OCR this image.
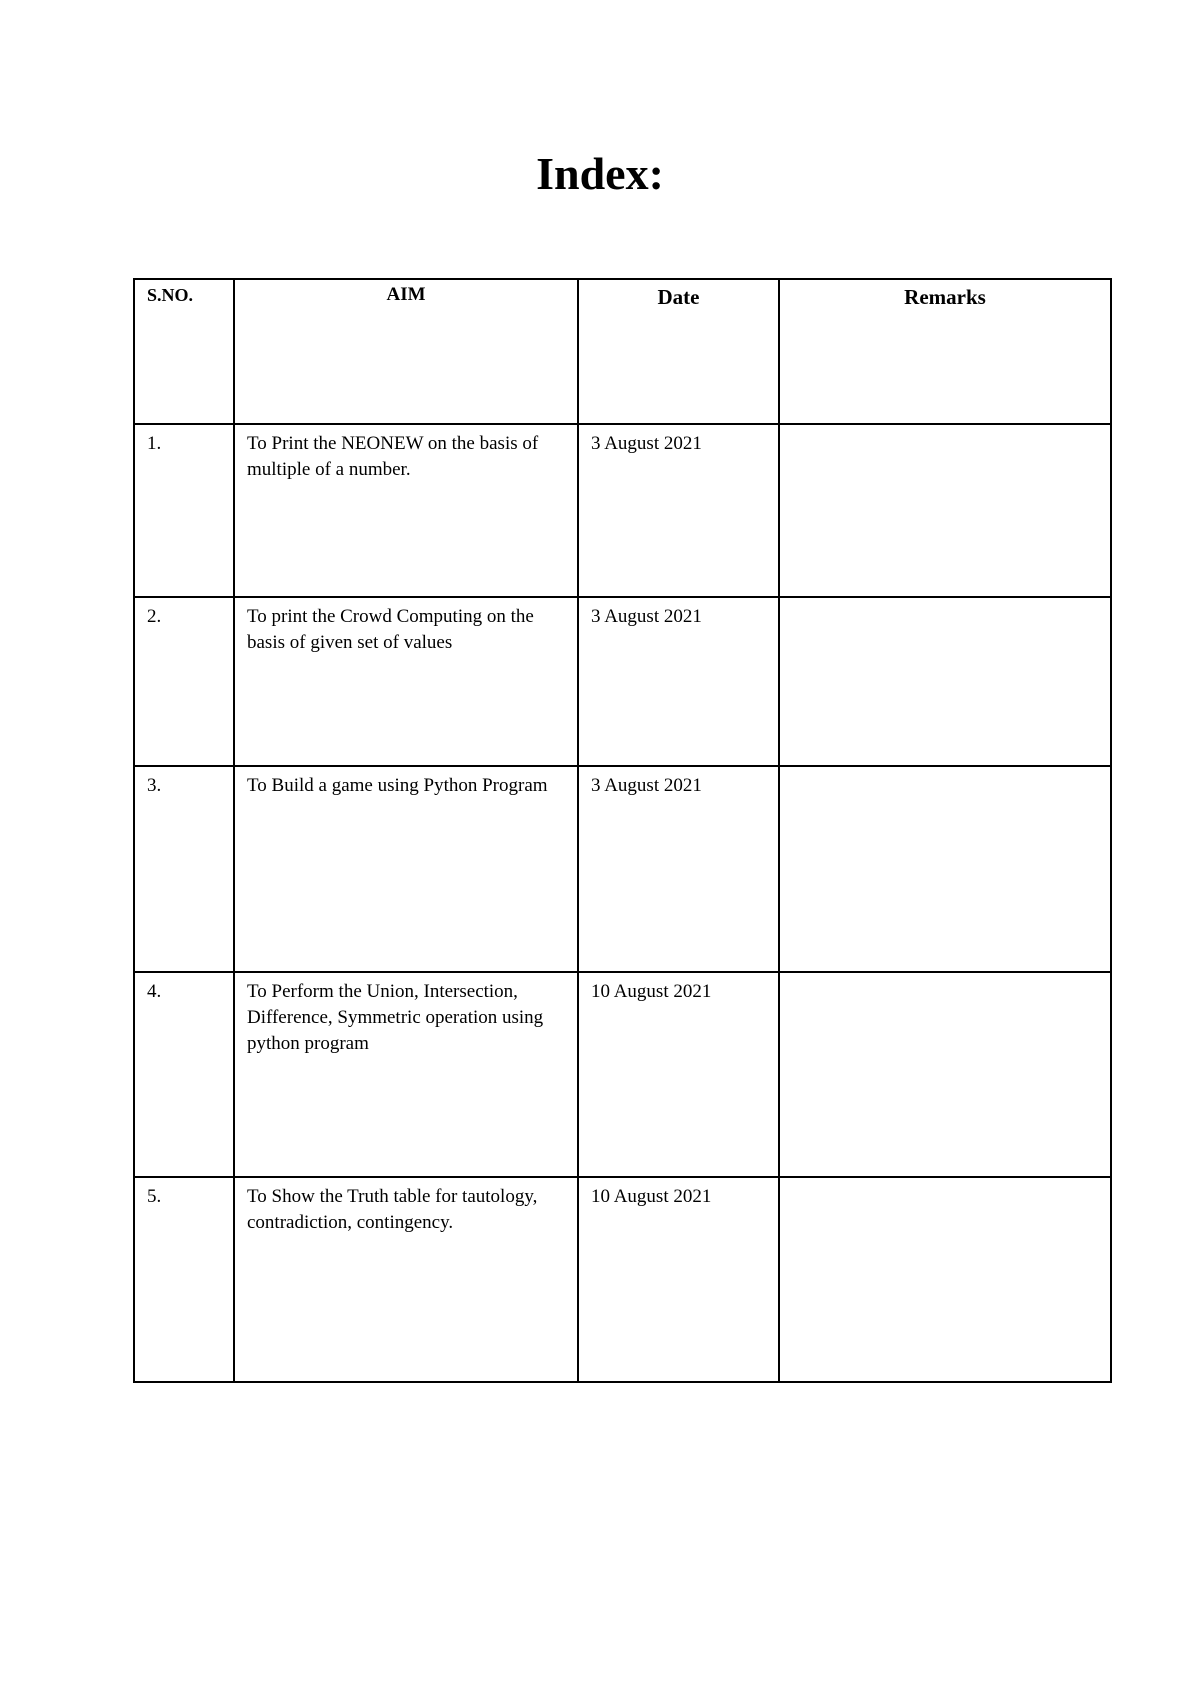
Index:
S.NO.	AIM	Date	Remarks
1.	To Print the NEONEW on the basis of multiple of a number.	3 August 2021	
2.	To print the Crowd Computing on the basis of given set of values	3 August 2021	
3.	To Build a game using Python Program	3 August 2021	
4.	To Perform the Union, Intersection, Difference, Symmetric operation using python program	10 August 2021	
5.	To Show the Truth table for tautology, contradiction, contingency.	10 August 2021	
